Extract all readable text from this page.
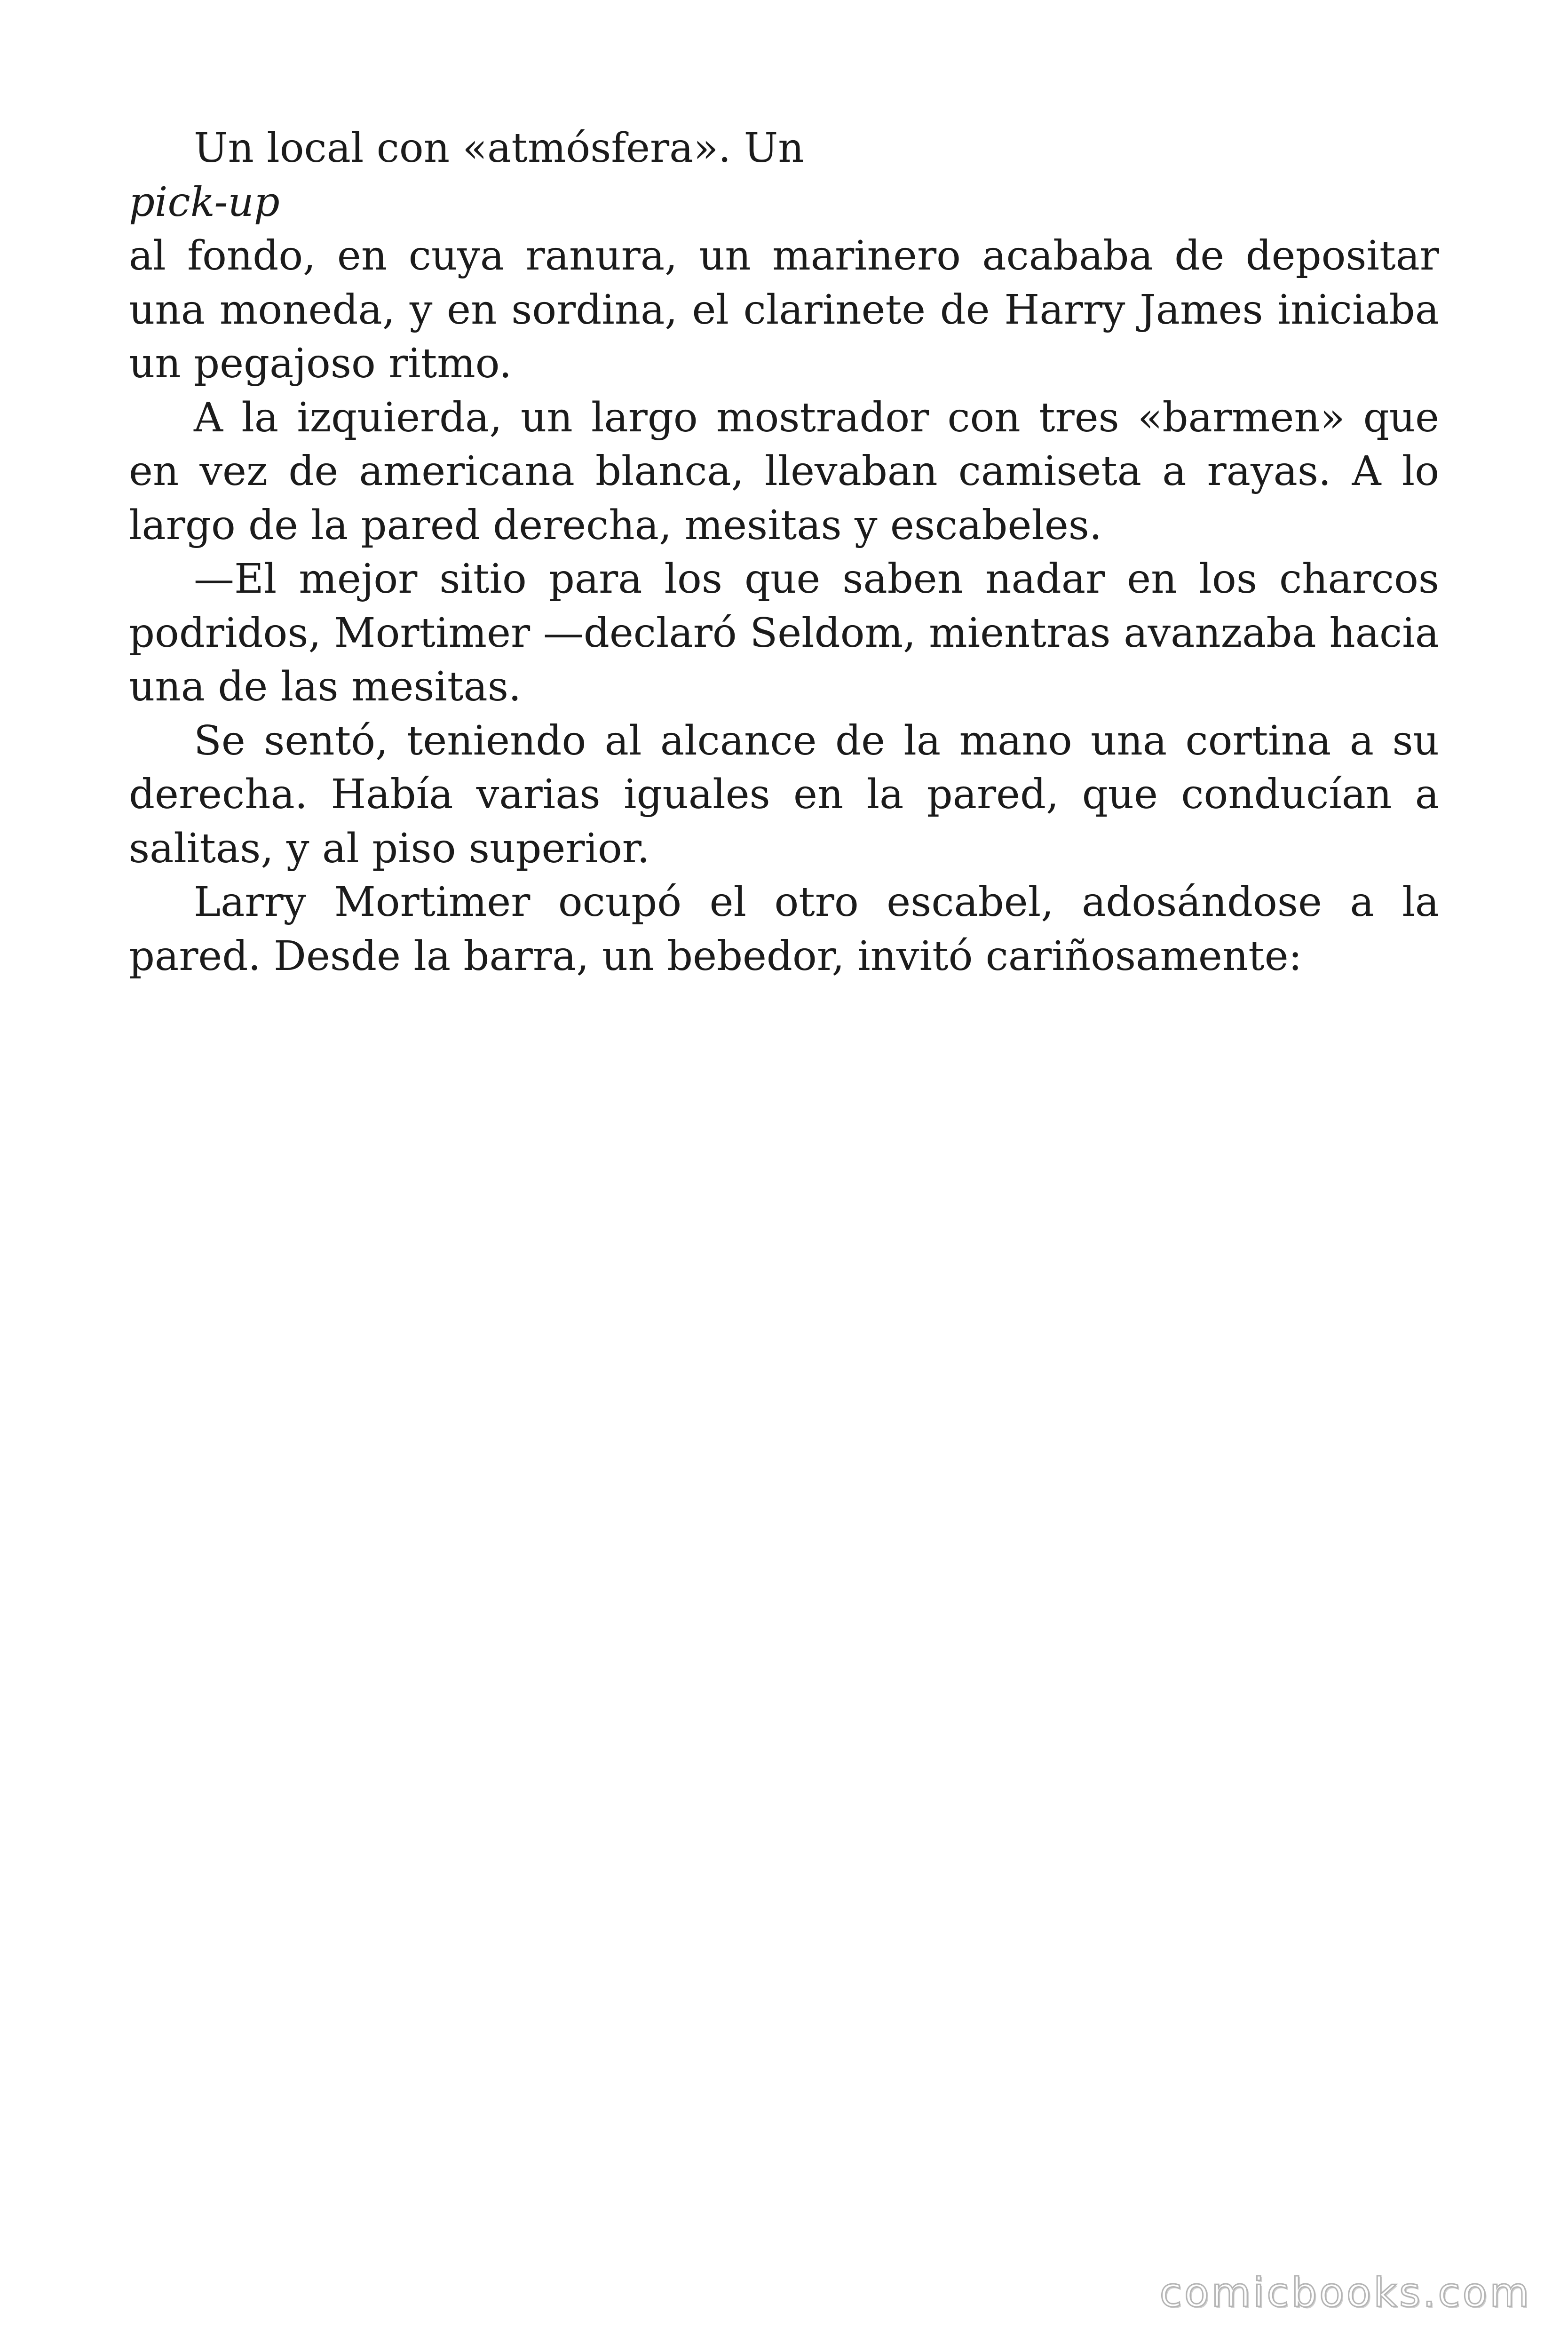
Un local con «atmósfera». Un

pick-up

al fondo, en cuya ranura, un marinero acababa de depositar una moneda, y en sordina, el clarinete de Harry James iniciaba un pegajoso ritmo.

A la izquierda, un largo mostrador con tres «barmen» que en vez de americana blanca, llevaban camiseta a rayas. A lo largo de la pared derecha, mesitas y escabeles.

—El mejor sitio para los que saben nadar en los charcos podridos, Mortimer —declaró Seldom, mientras avanzaba hacia una de las mesitas.

Se sentó, teniendo al alcance de la mano una cortina a su derecha. Había varias iguales en la pared, que conducían a salitas, y al piso superior.

Larry Mortimer ocupó el otro escabel, adosándose a la pared. Desde la barra, un bebedor, invitó cariñosamente:

comicbooks.com
